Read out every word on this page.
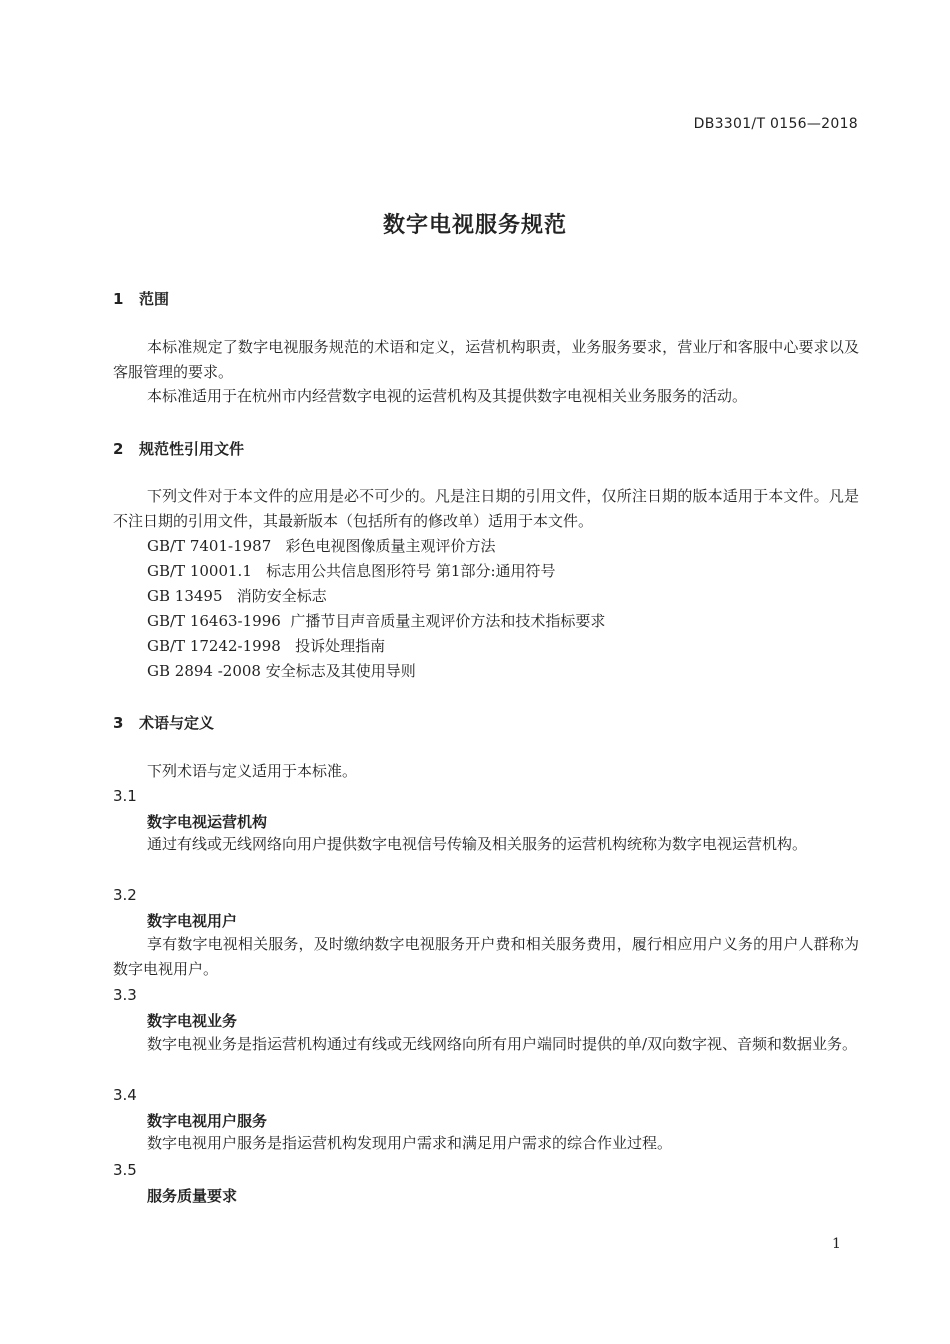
DB3301/T 0156—2018
数字电视服务规范
1 范围
本标准规定了数字电视服务规范的术语和定义，运营机构职责，业务服务要求，营业厅和客服中心要求以及客服管理的要求。
本标准适用于在杭州市内经营数字电视的运营机构及其提供数字电视相关业务服务的活动。
2 规范性引用文件
下列文件对于本文件的应用是必不可少的。凡是注日期的引用文件，仅所注日期的版本适用于本文件。凡是不注日期的引用文件，其最新版本（包括所有的修改单）适用于本文件。
GB/T 7401-1987   彩色电视图像质量主观评价方法
GB/T 10001.1   标志用公共信息图形符号 第1部分:通用符号
GB 13495   消防安全标志
GB/T 16463-1996  广播节目声音质量主观评价方法和技术指标要求
GB/T 17242-1998   投诉处理指南
GB 2894 -2008 安全标志及其使用导则
3 术语与定义
下列术语与定义适用于本标准。
3.1
数字电视运营机构
通过有线或无线网络向用户提供数字电视信号传输及相关服务的运营机构统称为数字电视运营机构。
3.2
数字电视用户
享有数字电视相关服务，及时缴纳数字电视服务开户费和相关服务费用，履行相应用户义务的用户人群称为数字电视用户。
3.3
数字电视业务
数字电视业务是指运营机构通过有线或无线网络向所有用户端同时提供的单/双向数字视、音频和数据业务。
3.4
数字电视用户服务
数字电视用户服务是指运营机构发现用户需求和满足用户需求的综合作业过程。
3.5
服务质量要求
1
